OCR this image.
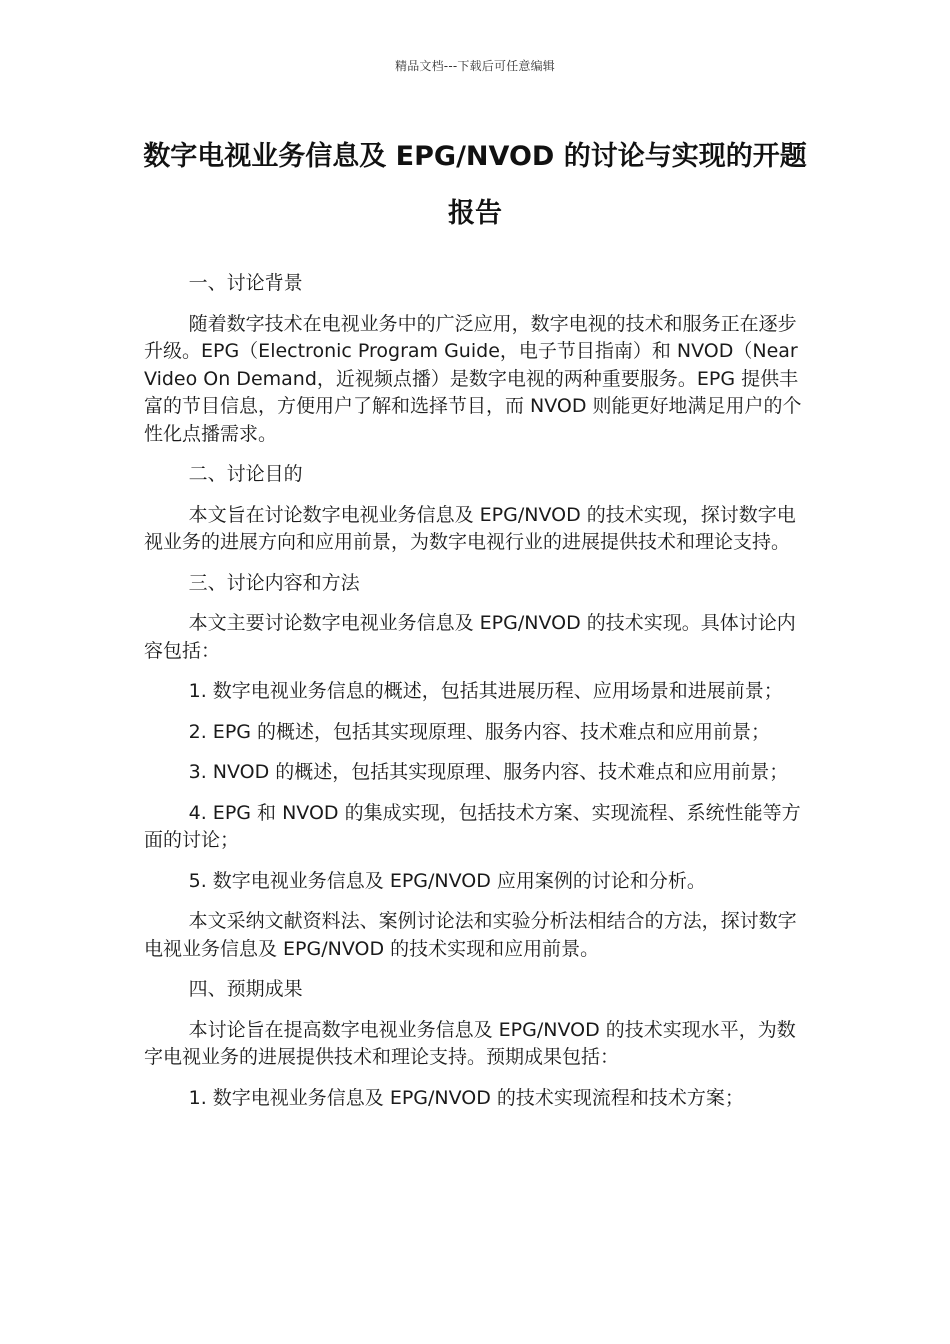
精品文档---下载后可任意编辑
数字电视业务信息及 EPG/NVOD 的讨论与实现的开题报告

一、讨论背景

随着数字技术在电视业务中的广泛应用，数字电视的技术和服务正在逐步升级。EPG（Electronic Program Guide，电子节目指南）和 NVOD（Near Video On Demand，近视频点播）是数字电视的两种重要服务。EPG 提供丰富的节目信息，方便用户了解和选择节目，而 NVOD 则能更好地满足用户的个性化点播需求。

二、讨论目的

本文旨在讨论数字电视业务信息及 EPG/NVOD 的技术实现，探讨数字电视业务的进展方向和应用前景，为数字电视行业的进展提供技术和理论支持。

三、讨论内容和方法

本文主要讨论数字电视业务信息及 EPG/NVOD 的技术实现。具体讨论内容包括：

1. 数字电视业务信息的概述，包括其进展历程、应用场景和进展前景；

2. EPG 的概述，包括其实现原理、服务内容、技术难点和应用前景；

3. NVOD 的概述，包括其实现原理、服务内容、技术难点和应用前景；

4. EPG 和 NVOD 的集成实现，包括技术方案、实现流程、系统性能等方面的讨论；

5. 数字电视业务信息及 EPG/NVOD 应用案例的讨论和分析。

本文采纳文献资料法、案例讨论法和实验分析法相结合的方法，探讨数字电视业务信息及 EPG/NVOD 的技术实现和应用前景。

四、预期成果

本讨论旨在提高数字电视业务信息及 EPG/NVOD 的技术实现水平，为数字电视业务的进展提供技术和理论支持。预期成果包括：

1. 数字电视业务信息及 EPG/NVOD 的技术实现流程和技术方案；
